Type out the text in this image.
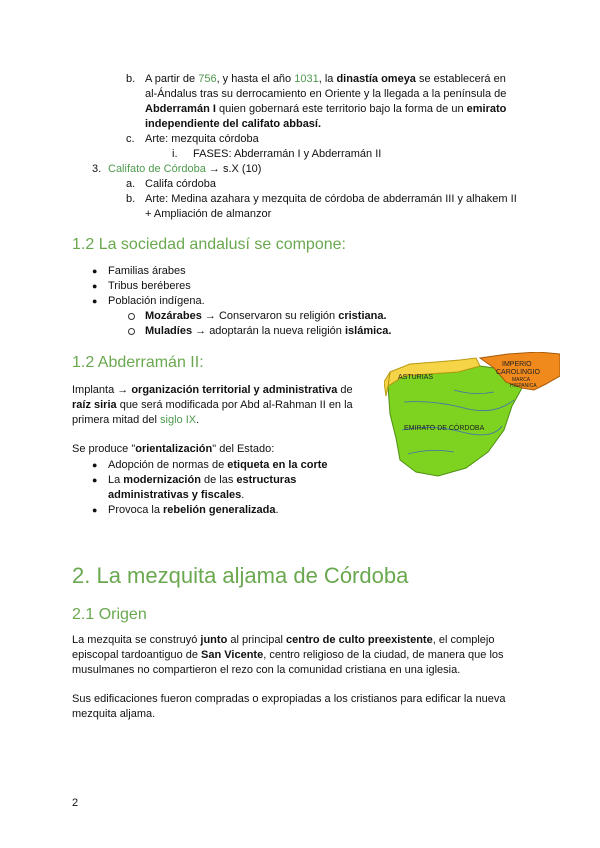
b. A partir de 756, y hasta el año 1031, la dinastía omeya se establecerá en
al-Ándalus tras su derrocamiento en Oriente y la llegada a la península de
Abderramán I quien gobernará este territorio bajo la forma de un emirato
independiente del califato abbasí.
c. Arte: mezquita córdoba
i. FASES: Abderramán I y Abderramán II
3. Califato de Córdoba → s.X (10)
a. Califa córdoba
b. Arte: Medina azahara y mezquita de córdoba de abderramán III y alhakem II
+ Ampliación de almanzor
1.2 La sociedad andalusí se compone:
● Familias árabes
● Tribus beréberes
● Población indígena.
Mozárabes → Conservaron su religión cristiana.
Muladíes → adoptarán la nueva religión islámica.
1.2 Abderramán II:
Implanta → organización territorial y administrativa de
raíz siria que será modificada por Abd al-Rahman II en la
primera mitad del siglo IX.
Se produce "orientalización" del Estado:
● Adopción de normas de etiqueta en la corte
● La modernización de las estructuras
administrativas y fiscales.
● Provoca la rebelión generalizada.
ASTURIAS
IMPERIO
CAROLINGIO
MARCA
HISPANICA
EMIRATO DE CÓRDOBA
2. La mezquita aljama de Córdoba
2.1 Origen
La mezquita se construyó junto al principal centro de culto preexistente, el complejo
episcopal tardoantiguo de San Vicente, centro religioso de la ciudad, de manera que los
musulmanes no compartieron el rezo con la comunidad cristiana en una iglesia.
Sus edificaciones fueron compradas o expropiadas a los cristianos para edificar la nueva
mezquita aljama.
2
